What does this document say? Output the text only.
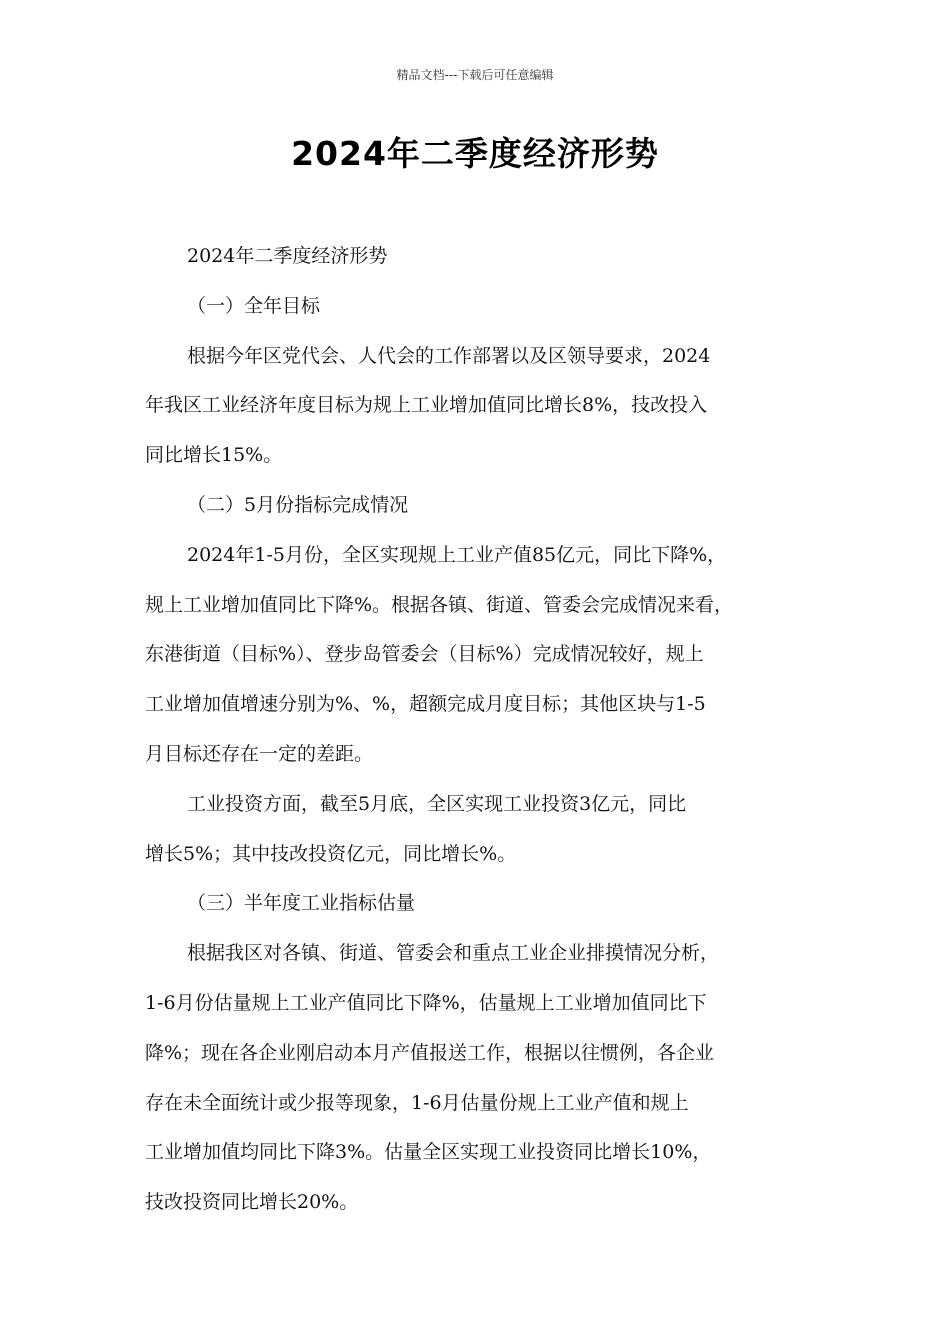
精品文档---下载后可任意编辑
2024年二季度经济形势
2024年二季度经济形势
（一）全年目标
根据今年区党代会、人代会的工作部署以及区领导要求，2024
年我区工业经济年度目标为规上工业增加值同比增长8%，技改投入
同比增长15%。
（二）5月份指标完成情况
2024年1-5月份，全区实现规上工业产值85亿元，同比下降%，
规上工业增加值同比下降%。根据各镇、街道、管委会完成情况来看，
东港街道（目标%）、登步岛管委会（目标%）完成情况较好，规上
工业增加值增速分别为%、%，超额完成月度目标；其他区块与1-5
月目标还存在一定的差距。
工业投资方面，截至5月底，全区实现工业投资3亿元，同比
增长5%；其中技改投资亿元，同比增长%。
（三）半年度工业指标估量
根据我区对各镇、街道、管委会和重点工业企业排摸情况分析，
1-6月份估量规上工业产值同比下降%，估量规上工业增加值同比下
降%；现在各企业刚启动本月产值报送工作，根据以往惯例，各企业
存在未全面统计或少报等现象，1-6月估量份规上工业产值和规上
工业增加值均同比下降3%。估量全区实现工业投资同比增长10%，
技改投资同比增长20%。
